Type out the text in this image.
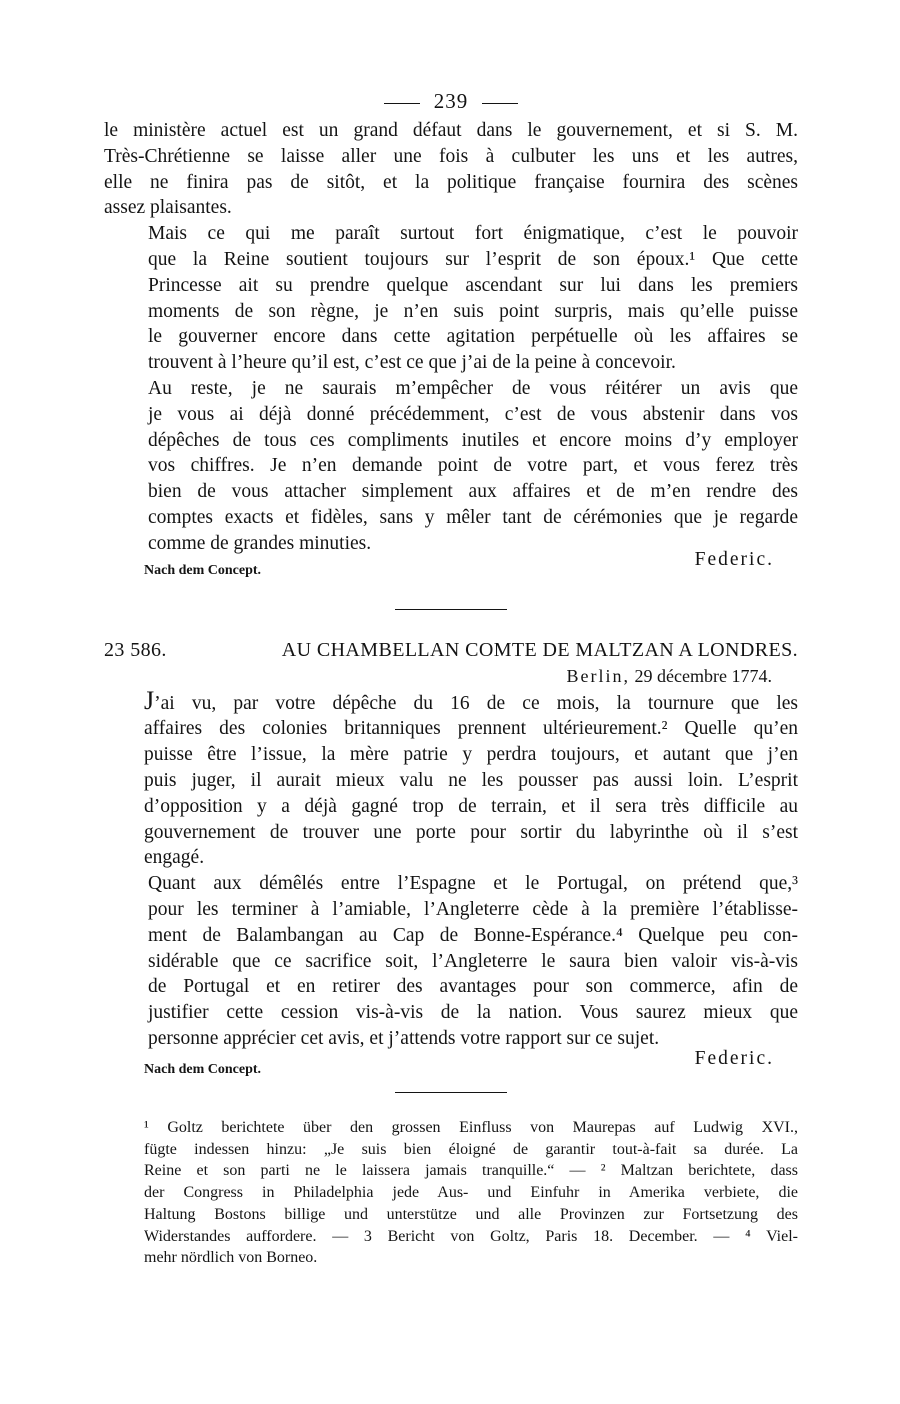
239

le ministère actuel est un grand défaut dans le gouvernement, et si S. M.
Très-Chrétienne se laisse aller une fois à culbuter les uns et les autres,
elle ne finira pas de sitôt, et la politique française fournira des scènes
assez plaisantes.

Mais ce qui me paraît surtout fort énigmatique, c’est le pouvoir
que la Reine soutient toujours sur l’esprit de son époux.¹ Que cette
Princesse ait su prendre quelque ascendant sur lui dans les premiers
moments de son règne, je n’en suis point surpris, mais qu’elle puisse
le gouverner encore dans cette agitation perpétuelle où les affaires se
trouvent à l’heure qu’il est, c’est ce que j’ai de la peine à concevoir.

Au reste, je ne saurais m’empêcher de vous réitérer un avis que
je vous ai déjà donné précédemment, c’est de vous abstenir dans vos
dépêches de tous ces compliments inutiles et encore moins d’y employer
vos chiffres. Je n’en demande point de votre part, et vous ferez très
bien de vous attacher simplement aux affaires et de m’en rendre des
comptes exacts et fidèles, sans y mêler tant de cérémonies que je regarde
comme de grandes minuties.

Nach dem Concept.
Federic.
23 586.	AU CHAMBELLAN COMTE DE MALTZAN A LONDRES.
Berlin, 29 décembre 1774.

J’ai vu, par votre dépêche du 16 de ce mois, la tournure que les
affaires des colonies britanniques prennent ultérieurement.² Quelle qu’en
puisse être l’issue, la mère patrie y perdra toujours, et autant que j’en
puis juger, il aurait mieux valu ne les pousser pas aussi loin. L’esprit
d’opposition y a déjà gagné trop de terrain, et il sera très difficile au
gouvernement de trouver une porte pour sortir du labyrinthe où il s’est
engagé.

Quant aux démêlés entre l’Espagne et le Portugal, on prétend que,³
pour les terminer à l’amiable, l’Angleterre cède à la première l’établisse-
ment de Balambangan au Cap de Bonne-Espérance.⁴ Quelque peu con-
sidérable que ce sacrifice soit, l’Angleterre le saura bien valoir vis-à-vis
de Portugal et en retirer des avantages pour son commerce, afin de
justifier cette cession vis-à-vis de la nation. Vous saurez mieux que
personne apprécier cet avis, et j’attends votre rapport sur ce sujet.

Nach dem Concept.
Federic.

¹ Goltz berichtete über den grossen Einfluss von Maurepas auf Ludwig XVI.,
fügte indessen hinzu: „Je suis bien éloigné de garantir tout-à-fait sa durée. La
Reine et son parti ne le laissera jamais tranquille.“ — ² Maltzan berichtete, dass
der Congress in Philadelphia jede Aus- und Einfuhr in Amerika verbiete, die
Haltung Bostons billige und unterstütze und alle Provinzen zur Fortsetzung des
Widerstandes auffordere. — 3 Bericht von Goltz, Paris 18. December. — ⁴ Viel-
mehr nördlich von Borneo.
